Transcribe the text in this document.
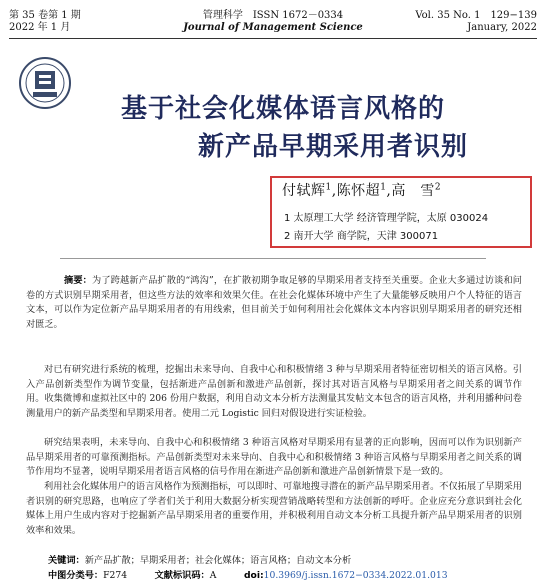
第 35 卷第 1 期
2022 年 1 月
管理科学　ISSN 1672－0334
Journal of Management Science
Vol. 35 No. 1　129−139
January, 2022
基于社会化媒体语言风格的
新产品早期采用者识别
付轼辉$^1$,陈怀超$^1$,高　雪$^2$
1 太原理工大学 经济管理学院，太原 030024
2 南开大学 商学院，天津 300071
摘要：为了跨越新产品扩散的“鸿沟”，在扩散初期争取足够的早期采用者支持至关重要。企业大多通过访谈和问卷的方式识别早期采用者，但这些方法的效率和效果欠佳。在社会化媒体环境中产生了大量能够反映用户个人特征的语言文本，可以作为定位新产品早期采用者的有用线索，但目前关于如何利用社会化媒体文本内容识别早期采用者的研究还相对匮乏。
对已有研究进行系统的梳理，挖掘出未来导向、自我中心和积极情绪 3 种与早期采用者特征密切相关的语言风格。引入产品创新类型作为调节变量，包括渐进产品创新和激进产品创新，探讨其对语言风格与早期采用者之间关系的调节作用。收集微博和虚拟社区中的 206 份用户数据，利用自动文本分析方法测量其发帖文本包含的语言风格，并利用播种问卷测量用户的新产品类型和早期采用者。使用二元 Logistic 回归对假设进行实证检验。
研究结果表明，未来导向、自我中心和积极情绪 3 种语言风格对早期采用有显著的正向影响，因而可以作为识别新产品早期采用者的可靠预测指标。产品创新类型对未来导向、自我中心和积极情绪 3 种语言风格与早期采用者之间关系的调节作用均不显著，说明早期采用者语言风格的信号作用在渐进产品创新和激进产品创新情景下是一致的。
利用社会化媒体用户的语言风格作为预测指标，可以即时、可靠地搜寻潜在的新产品早期采用者。不仅拓展了早期采用者识别的研究思路，也响应了学者们关于利用大数据分析实现营销战略转型和方法创新的呼吁。企业应充分意识到社会化媒体上用户生成内容对于挖掘新产品早期采用者的重要作用，并积极利用自动文本分析工具提升新产品早期采用者的识别效率和效果。
关键词：新产品扩散；早期采用者；社会化媒体；语言风格；自动文本分析
中图分类号：F274　　　	文献标识码：A　　　	doi:10.3969/j.issn.1672−0334.2022.01.013
